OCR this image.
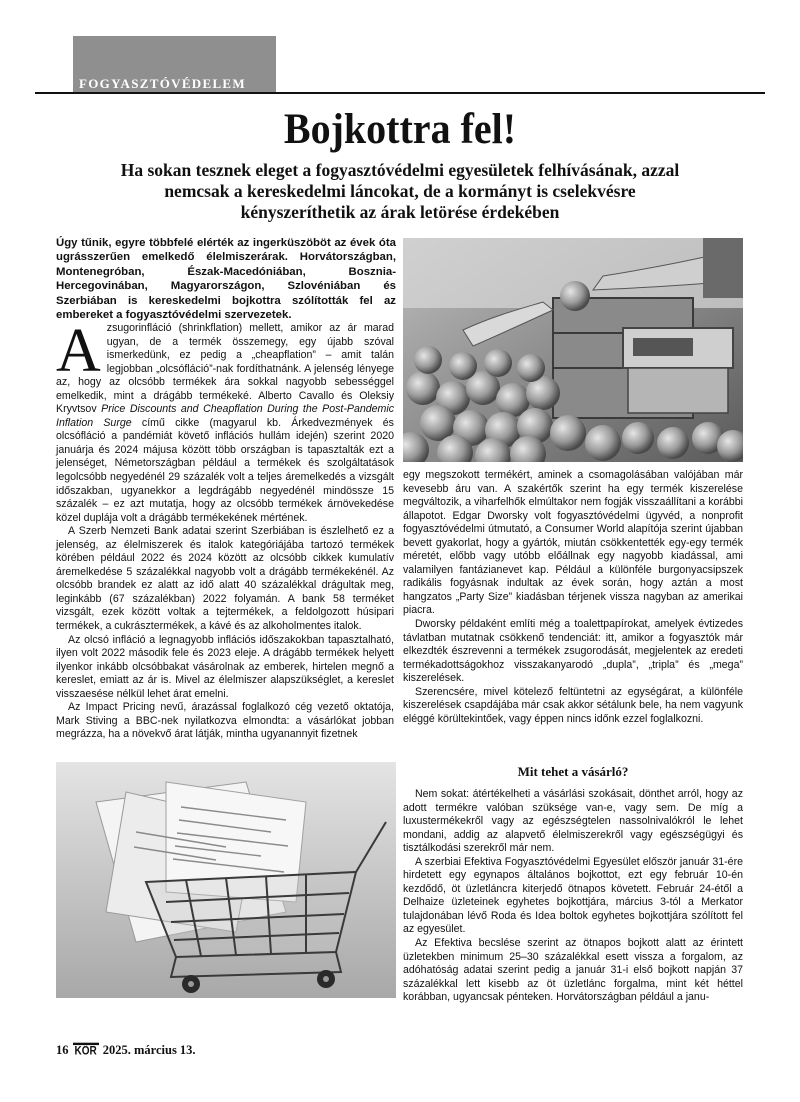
FOGYASZTÓVÉDELEM
Bojkottra fel!

Ha sokan tesznek eleget a fogyasztóvédelmi egyesületek felhívásának, azzal nemcsak a kereskedelmi láncokat, de a kormányt is cselekvésre kényszeríthetik az árak letörése érdekében

Úgy tűnik, egyre többfelé elérték az ingerküszöböt az évek óta ugrásszerűen emelkedő élelmiszerárak. Horvátországban, Montenegróban, Észak-Macedóniában, Bosznia-Hercegovinában, Magyarországon, Szlovéniában és Szerbiában is kereskedelmi bojkottra szólították fel az embereket a fogyasztóvédelmi szervezetek.

A zsugorinfláció (shrinkflation) mellett, amikor az ár marad ugyan, de a termék összemegy, egy újabb szóval ismerkedünk, ez pedig a „cheapflation” – amit talán legjobban „olcsófláció”-nak fordíthatnánk. A jelenség lényege az, hogy az olcsóbb termékek ára sokkal nagyobb sebességgel emelkedik, mint a drágább termékeké. Alberto Cavallo és Oleksiy Kryvtsov Price Discounts and Cheapflation During the Post-Pandemic Inflation Surge című cikke (magyarul kb. Árkedvezmények és olcsófláció a pandémiát követő inflációs hullám idején) szerint 2020 januárja és 2024 májusa között több országban is tapasztalták ezt a jelenséget, Németországban például a termékek és szolgáltatások legolcsóbb negyedénél 29 százalék volt a teljes áremelkedés a vizsgált időszakban, ugyanekkor a legdrágább negyedénél mindössze 15 százalék – ez azt mutatja, hogy az olcsóbb termékek árnövekedése közel duplája volt a drágább termékekének mértének.

A Szerb Nemzeti Bank adatai szerint Szerbiában is észlelhető ez a jelenség, az élelmiszerek és italok kategóriájába tartozó termékek körében például 2022 és 2024 között az olcsóbb cikkek kumulatív áremelkedése 5 százalékkal nagyobb volt a drágább termékekénél. Az olcsóbb brandek ez alatt az idő alatt 40 százalékkal drágultak meg, leginkább (67 százalékban) 2022 folyamán. A bank 58 terméket vizsgált, ezek között voltak a tejtermékek, a feldolgozott húsipari termékek, a cukrásztermékek, a kávé és az alkoholmentes italok.

Az olcsó infláció a legnagyobb inflációs időszakokban tapasztalható, ilyen volt 2022 második fele és 2023 eleje. A drágább termékek helyett ilyenkor inkább olcsóbbakat vásárolnak az emberek, hirtelen megnő a kereslet, emiatt az ár is. Mivel az élelmiszer alapszükséglet, a kereslet visszaesése nélkül lehet árat emelni.

Az Impact Pricing nevű, árazással foglalkozó cég vezető oktatója, Mark Stiving a BBC-nek nyilatkozva elmondta: a vásárlókat jobban megrázza, ha a növekvő árat látják, mintha ugyanannyit fizetnek

egy megszokott termékért, aminek a csomagolásában valójában már kevesebb áru van. A szakértők szerint ha egy termék kiszerelése megváltozik, a viharfelhők elmúltakor nem fogják visszaállítani a korábbi állapotot. Edgar Dworsky volt fogyasztóvédelmi ügyvéd, a nonprofit fogyasztóvédelmi útmutató, a Consumer World alapítója szerint újabban bevett gyakorlat, hogy a gyártók, miután csökkentették egy-egy termék méretét, előbb vagy utóbb előállnak egy nagyobb kiadással, ami valamilyen fantázianevet kap. Például a különféle burgonyacsipszek radikális fogyásnak indultak az évek során, hogy aztán a most hangzatos „Party Size” kiadásban térjenek vissza nagyban az amerikai piacra.

Dworsky példaként említi még a toalettpapírokat, amelyek évtizedes távlatban mutatnak csökkenő tendenciát: itt, amikor a fogyasztók már elkezdték észrevenni a termékek zsugorodását, megjelentek az eredeti termékadottságokhoz visszakanyarodó „dupla”, „tripla” és „mega” kiszerelések.

Szerencsére, mivel kötelező feltüntetni az egységárat, a különféle kiszerelések csapdájába már csak akkor sétálunk bele, ha nem vagyunk eléggé körültekintőek, vagy éppen nincs időnk ezzel foglalkozni.

Mit tehet a vásárló?

Nem sokat: átértékelheti a vásárlási szokásait, dönthet arról, hogy az adott termékre valóban szüksége van-e, vagy sem. De míg a luxustermékekről vagy az egészségtelen nassolnivalókról le lehet mondani, addig az alapvető élelmiszerekről vagy egészségügyi és tisztálkodási szerekről már nem.

A szerbiai Efektiva Fogyasztóvédelmi Egyesület először január 31-ére hirdetett egy egynapos általános bojkottot, ezt egy február 10-én kezdődő, öt üzletláncra kiterjedő ötnapos követett. Február 24-étől a Delhaize üzleteinek egyhetes bojkottjára, március 3-tól a Merkator tulajdonában lévő Roda és Idea boltok egyhetes bojkottjára szólított fel az egyesület.

Az Efektiva becslése szerint az ötnapos bojkott alatt az érintett üzletekben minimum 25–30 százalékkal esett vissza a forgalom, az adóhatóság adatai szerint pedig a január 31-i első bojkott napján 37 százalékkal lett kisebb az öt üzletlánc forgalma, mint két héttel korábban, ugyancsak pénteken. Horvátországban például a janu-

16 KÖR 2025. március 13.
